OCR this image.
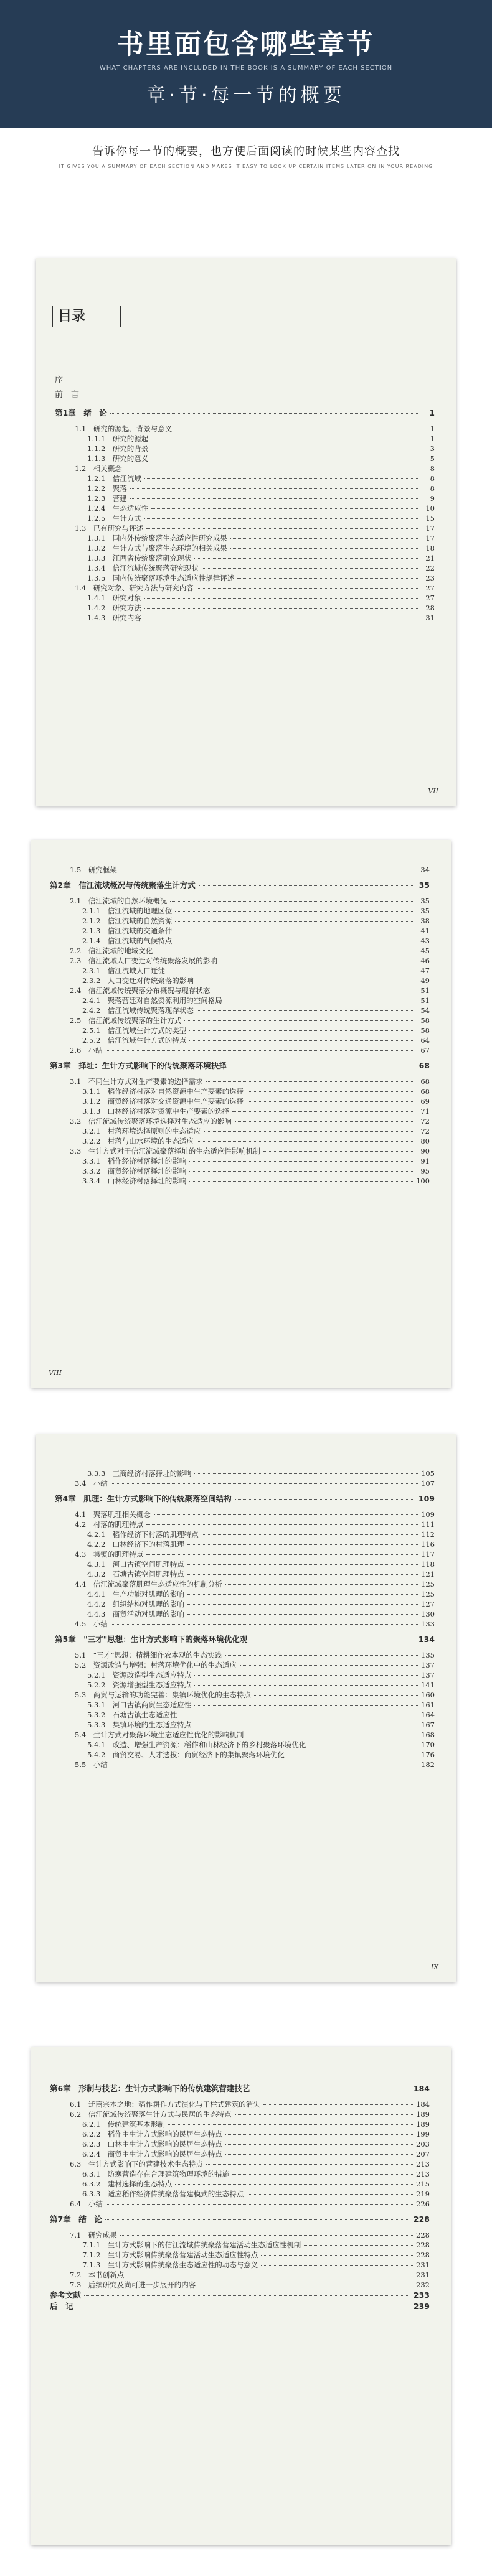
书里面包含哪些章节
WHAT CHAPTERS ARE INCLUDED IN THE BOOK IS A SUMMARY OF EACH SECTION
章·节·每一节的概要
告诉你每一节的概要，也方便后面阅读的时候某些内容查找
IT GIVES YOU A SUMMARY OF EACH SECTION AND MAKES IT EASY TO LOOK UP CERTAIN ITEMS LATER ON IN YOUR READING
目录
序
前　言
第1章　绪　论	1
1.1　研究的源起、背景与意义	1
1.1.1　研究的源起	1
1.1.2　研究的背景	3
1.1.3　研究的意义	5
1.2　相关概念	8
1.2.1　信江流域	8
1.2.2　聚落	8
1.2.3　营建	9
1.2.4　生态适应性	10
1.2.5　生计方式	15
1.3　已有研究与评述	17
1.3.1　国内外传统聚落生态适应性研究成果	17
1.3.2　生计方式与聚落生态环境的相关成果	18
1.3.3　江西省传统聚落研究现状	21
1.3.4　信江流域传统聚落研究现状	22
1.3.5　国内传统聚落环境生态适应性规律评述	23
1.4　研究对象、研究方法与研究内容	27
1.4.1　研究对象	27
1.4.2　研究方法	28
1.4.3　研究内容	31
VII
1.5　研究框架	34
第2章　信江流域概况与传统聚落生计方式	35
2.1　信江流域的自然环境概况	35
2.1.1　信江流域的地理区位	35
2.1.2　信江流域的自然资源	38
2.1.3　信江流域的交通条件	41
2.1.4　信江流域的气候特点	43
2.2　信江流域的地域文化	45
2.3　信江流域人口变迁对传统聚落发展的影响	46
2.3.1　信江流域人口迁徙	47
2.3.2　人口变迁对传统聚落的影响	49
2.4　信江流域传统聚落分布概况与现存状态	51
2.4.1　聚落营建对自然资源利用的空间格局	51
2.4.2　信江流域传统聚落现存状态	54
2.5　信江流域传统聚落的生计方式	58
2.5.1　信江流域生计方式的类型	58
2.5.2　信江流域生计方式的特点	64
2.6　小结	67
第3章　择址：生计方式影响下的传统聚落环境抉择	68
3.1　不同生计方式对生产要素的选择需求	68
3.1.1　稻作经济村落对自然资源中生产要素的选择	68
3.1.2　商贸经济村落对交通资源中生产要素的选择	69
3.1.3　山林经济村落对资源中生产要素的选择	71
3.2　信江流域传统聚落环境选择对生态适应的影响	72
3.2.1　村落环境选择原则的生态适应	72
3.2.2　村落与山水环境的生态适应	80
3.3　生计方式对于信江流域聚落择址的生态适应性影响机制	90
3.3.1　稻作经济村落择址的影响	91
3.3.2　商贸经济村落择址的影响	95
3.3.4　山林经济村落择址的影响	100
VIII
3.3.3　工商经济村落择址的影响	105
3.4　小结	107
第4章　肌理：生计方式影响下的传统聚落空间结构	109
4.1　聚落肌理相关概念	109
4.2　村落的肌理特点	111
4.2.1　稻作经济下村落的肌理特点	112
4.2.2　山林经济下的村落肌理	116
4.3　集镇的肌理特点	117
4.3.1　河口古镇空间肌理特点	118
4.3.2　石塘古镇空间肌理特点	121
4.4　信江流域聚落肌理生态适应性的机制分析	125
4.4.1　生产功能对肌理的影响	125
4.4.2　组织结构对肌理的影响	127
4.4.3　商贸活动对肌理的影响	130
4.5　小结	133
第5章　"三才"思想：生计方式影响下的聚落环境优化观	134
5.1　"三才"思想：精耕细作农本观的生态实践	135
5.2　资源改造与增强：村落环境优化中的生态适应	137
5.2.1　资源改造型生态适应特点	137
5.2.2　资源增强型生态适应特点	141
5.3　商贸与运输的功能完善：集镇环境优化的生态特点	160
5.3.1　河口古镇商贸生态适应性	161
5.3.2　石塘古镇生态适应性	164
5.3.3　集镇环境的生态适应特点	167
5.4　生计方式对聚落环境生态适应性优化的影响机制	168
5.4.1　改造、增强生产资源：稻作和山林经济下的乡村聚落环境优化	170
5.4.2　商贸交易、人才选拔：商贸经济下的集镇聚落环境优化	176
5.5　小结	182
IX
第6章　形制与技艺：生计方式影响下的传统建筑营建技艺	184
6.1　迁商宗本之地：稻作耕作方式演化与干栏式建筑的消失	184
6.2　信江流域传统聚落生计方式与民居的生态特点	189
6.2.1　传统建筑基本形制	189
6.2.2　稻作主生计方式影响的民居生态特点	199
6.2.3　山林主生计方式影响的民居生态特点	203
6.2.4　商贸主生计方式影响的民居生态特点	207
6.3　生计方式影响下的营建技术生态特点	213
6.3.1　防寒营造存在合理建筑物理环境的措施	213
6.3.2　建材选择的生态特点	215
6.3.3　适应稻作经济传统聚落营建模式的生态特点	219
6.4　小结	226
第7章　结　论	228
7.1　研究成果	228
7.1.1　生计方式影响下的信江流域传统聚落营建活动生态适应性机制	228
7.1.2　生计方式影响传统聚落营建活动生态适应性特点	228
7.1.3　生计方式影响传统聚落生态适应性的动态与意义	231
7.2　本书创新点	231
7.3　后续研究及尚可进一步展开的内容	232
参考文献	233
后　记	239
